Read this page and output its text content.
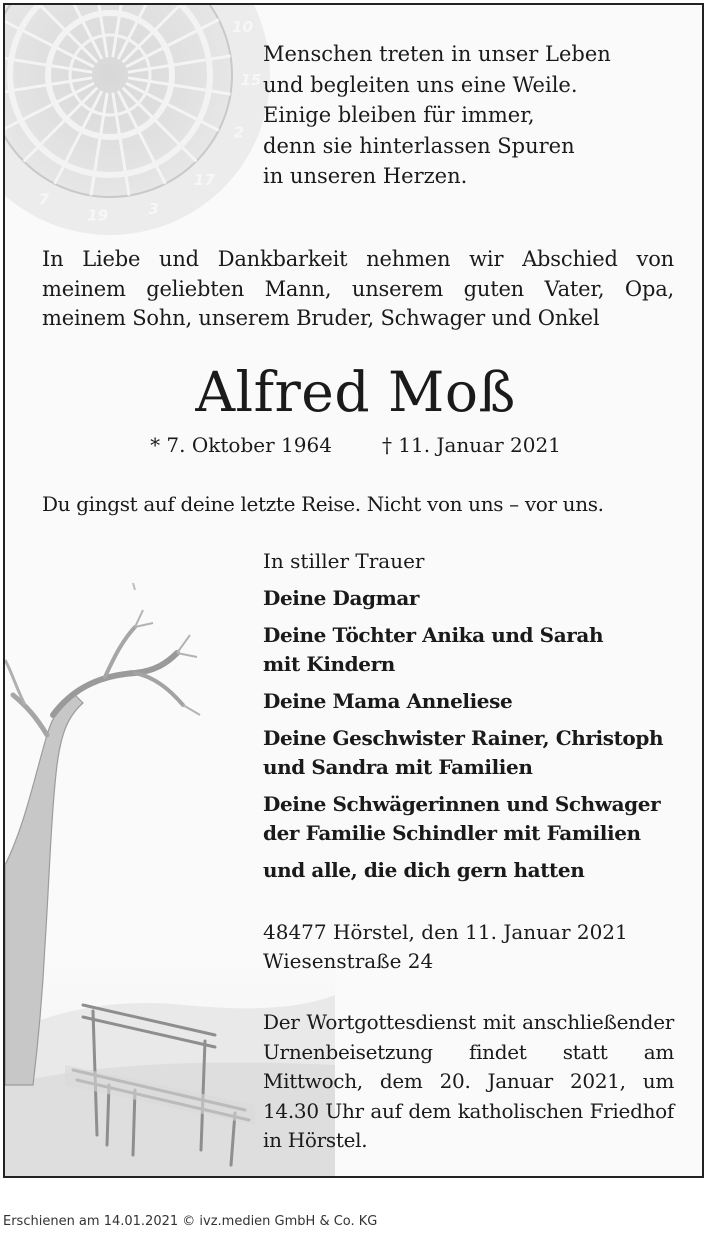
10
15
2
17
3
19
7
Menschen treten in unser Leben
und begleiten uns eine Weile.
Einige bleiben für immer,
denn sie hinterlassen Spuren
in unseren Herzen.
In Liebe und Dankbarkeit nehmen wir Abschied von meinem geliebten Mann, unserem guten Vater, Opa, meinem Sohn, unserem Bruder, Schwager und Onkel
Alfred Moß
* 7. Oktober 1964	† 11. Januar 2021
Du gingst auf deine letzte Reise. Nicht von uns – vor uns.
In stiller Trauer
Deine Dagmar
Deine Töchter Anika und Sarah
mit Kindern
Deine Mama Anneliese
Deine Geschwister Rainer, Christoph
und Sandra mit Familien
Deine Schwägerinnen und Schwager
der Familie Schindler mit Familien
und alle, die dich gern hatten
48477 Hörstel, den 11. Januar 2021
Wiesenstraße 24
Der Wortgottesdienst mit anschließender Urnenbeisetzung findet statt am Mittwoch, dem 20. Januar 2021, um 14.30 Uhr auf dem katholischen Friedhof in Hörstel.
Erschienen am 14.01.2021 © ivz.medien GmbH & Co. KG
